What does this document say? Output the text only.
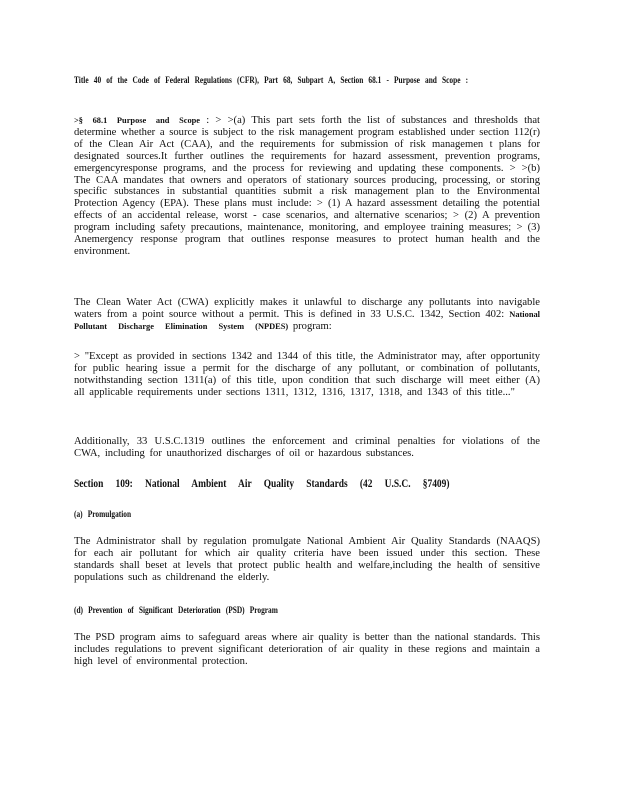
Title 40 of the Code of Federal Regulations (CFR), Part 68, Subpart A, Section 68.1 - Purpose and Scope :

>§ 68.1 Purpose and Scope : > >(a) This part sets forth the list of substances and thresholds that determine whether a source is subject to the risk management program established under section 112(r) of the Clean Air Act (CAA), and the requirements for submission of risk managemen t plans for designated sources.It further outlines the requirements for hazard assessment, prevention programs, emergencyresponse programs, and the process for reviewing and updating these components. > >(b) The CAA mandates that owners and operators of stationary sources producing, processing, or storing specific substances in substantial quantities submit a risk management plan to the Environmental Protection Agency (EPA). These plans must include: > (1) A hazard assessment detailing the potential effects of an accidental release, worst - case scenarios, and alternative scenarios; > (2) A prevention program including safety precautions, maintenance, monitoring, and employee training measures; > (3) Anemergency response program that outlines response measures to protect human health and the environment.

The Clean Water Act (CWA) explicitly makes it unlawful to discharge any pollutants into navigable waters from a point source without a permit. This is defined in 33 U.S.C. 1342, Section 402: National Pollutant Discharge Elimination System (NPDES) program:

> "Except as provided in sections 1342 and 1344 of this title, the Administrator may, after opportunity for public hearing issue a permit for the discharge of any pollutant, or combination of pollutants, notwithstanding section 1311(a) of this title, upon condition that such discharge will meet either (A) all applicable requirements under sections 1311, 1312, 1316, 1317, 1318, and 1343 of this title..."

Additionally, 33 U.S.C.1319 outlines the enforcement and criminal penalties for violations of the CWA, including for unauthorized discharges of oil or hazardous substances.

Section 109: National Ambient Air Quality Standards (42 U.S.C. §7409)

(a) Promulgation

The Administrator shall by regulation promulgate National Ambient Air Quality Standards (NAAQS) for each air pollutant for which air quality criteria have been issued under this section. These standards shall beset at levels that protect public health and welfare,including the health of sensitive populations such as childrenand the elderly.

(d) Prevention of Significant Deterioration (PSD) Program

The PSD program aims to safeguard areas where air quality is better than the national standards. This includes regulations to prevent significant deterioration of air quality in these regions and maintain a high level of environmental protection.
